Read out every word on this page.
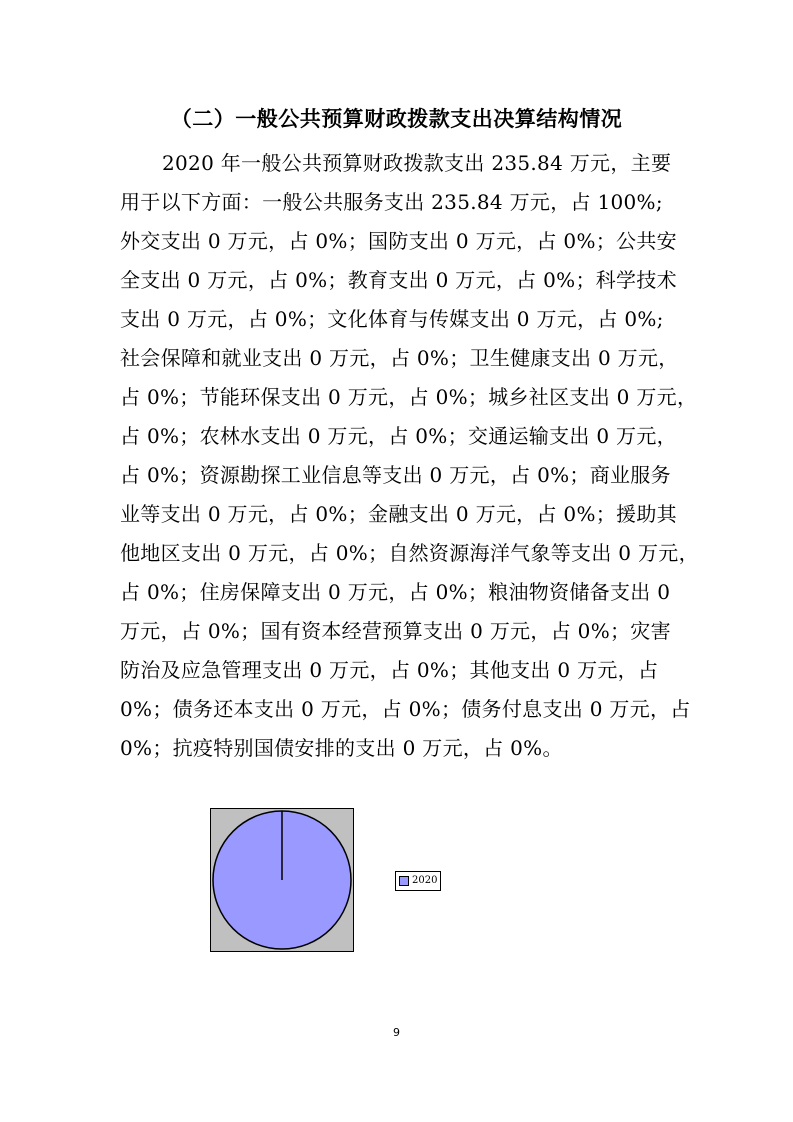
（二）一般公共预算财政拨款支出决算结构情况
2020 年一般公共预算财政拨款支出 235.84 万元，主要
用于以下方面：一般公共服务支出 235.84 万元，占 100%;
外交支出 0 万元，占 0%；国防支出 0 万元，占 0%；公共安
全支出 0 万元，占 0%；教育支出 0 万元，占 0%；科学技术
支出 0 万元，占 0%；文化体育与传媒支出 0 万元，占 0%;
社会保障和就业支出 0 万元，占 0%；卫生健康支出 0 万元，
占 0%；节能环保支出 0 万元，占 0%；城乡社区支出 0 万元，
占 0%；农林水支出 0 万元，占 0%；交通运输支出 0 万元，
占 0%；资源勘探工业信息等支出 0 万元，占 0%；商业服务
业等支出 0 万元，占 0%；金融支出 0 万元，占 0%；援助其
他地区支出 0 万元，占 0%；自然资源海洋气象等支出 0 万元，
占 0%；住房保障支出 0 万元，占 0%；粮油物资储备支出 0
万元，占 0%；国有资本经营预算支出 0 万元，占 0%；灾害
防治及应急管理支出 0 万元，占 0%；其他支出 0 万元，占
0%；债务还本支出 0 万元，占 0%；债务付息支出 0 万元，占
0%；抗疫特别国债安排的支出 0 万元，占 0%。
2020
9
